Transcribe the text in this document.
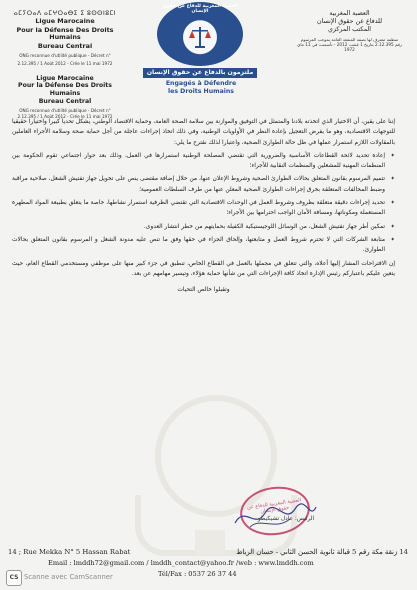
ⴰⵎⵢⵔⴰⴷ ⴰⵎⵖⵔⴰⴱⵉ ⵉ ⵓⵙⵙⵏⵓⵎⵏ
Ligue Marocaine
Pour la Défense Des Droits Humains
Bureau Central
ONG reconnue d'utilité publique - Décret n°
2.12.395 / 1 Août 2012 - Crée le 11 mai 1972
Ligue Marocaine
Pour la Défense Des Droits Humains
Bureau Central
ONG reconnue d'utilité publique - Décret n°
2.12.395 / 1 Août 2012 - Crée le 11 mai 1972
العصبة المغربية للدفاع عن حقوق الإنسان
ملتزمون بالدفاع عن حقوق الإنسان
Engagés à Défendre
les Droits Humains
العصبة المغربية
للدفاع عن حقوق الإنسان
المكتب المركزي
منظمة معترف لها بصفة المنفعة العامة بموجب المرسوم
رقم 2.12.395 بتاريخ 1 غشت 2012 - تأسست في 11 ماي 1972

إننا على يقين، أن الاختيار الذي اتخذته بلادنا والمتمثل في التوفيق والموازنة بين سلامة الصحة العامة، وحماية الاقتصاد الوطني، يشكل تحديا كبيرا واختيارا حقيقيا للتوجهات الاقتصادية، وهو ما يفرض التعجيل بإعادة النظر في الأولويات الوطنية، وفي ذلك اتخاذ إجراءات عاجلة من أجل حماية صحة وسلامة الأجراء العاملين بالمقاولات اللازم استمرار عملها في ظل حالة الطوارئ الصحية، واعتبارا لذلك نقترح ما يلي:

✦ إعادة تحديد لائحة القطاعات الأساسية والضرورية التي تقتضي المصلحة الوطنية استمرارها في العمل، وذلك بعد حوار اجتماعي تقوم الحكومة بين المنظمات المهنية للمشغلين والمنظمات النقابية للأجراء؛
✦ تتميم المرسوم بقانون المتعلق بحالات الطوارئ الصحية وشروط الإعلان عنها، من خلال إضافة مقتضى ينص على تخويل جهاز تفتيش الشغل، صلاحية مراقبة وضبط المخالفات المتعلقة بخرق إجراءات الطوارئ الصحية المعلن عنها من طرف السلطات العمومية؛
✦ تحديد إجراءات دقيقة متعلقة بظروف وشروط العمل في الوحدات الاقتصادية التي تقتضي الظرفية استمرار نشاطها، خاصة ما يتعلق بطبيعة المواد المطهرة المستعملة ومكوناتها، ومسافة الأمان الواجب احترامها بين الأجراء؛
✦ تمكين أطر جهاز تفتيش الشغل، من الوسائل اللوجيستيكية الكفيلة بحمايتهم من خطر انتشار العدوى.
✦ متابعة الشركات التي لا تحترم شروط العمل و متابعتها، وإلحاق الجزاء في حقها وفق ما تنص عليه مدونة الشغل و المرسوم بقانون المتعلق بحالات الطوارئ.

إن الاقتراحات المشار إليها أعلاه، والتي تتعلق في مجملها بالعمل في القطاع الخاص، تنطبق في جزء كبير منها على موظفي ومستخدمي القطاع العام، حيث يتعين عليكم باعتباركم رئيس الإدارة اتخاذ كافة الإجراءات التي من شأنها حماية هؤلاء، وتيسير مهامهم عن بعد.

وتقبلوا خالص التحيات

العصبة المغربية للدفاع عن حقوق الإنسان
الرئيس: عادل تشيكيطو
14 ; Rue Mekka N° 5 Hassan Rabat	14 زنقة مكة رقم 5 قبالة ثانوية الحسن الثاني - حسان الرباط
Email : lmddh72@gmail.com / lmddh_contact@yahoo.fr /web : www.lmddh.com
Tél/Fax : 0537 26 37 44
CS Scanne avec CamScanner
